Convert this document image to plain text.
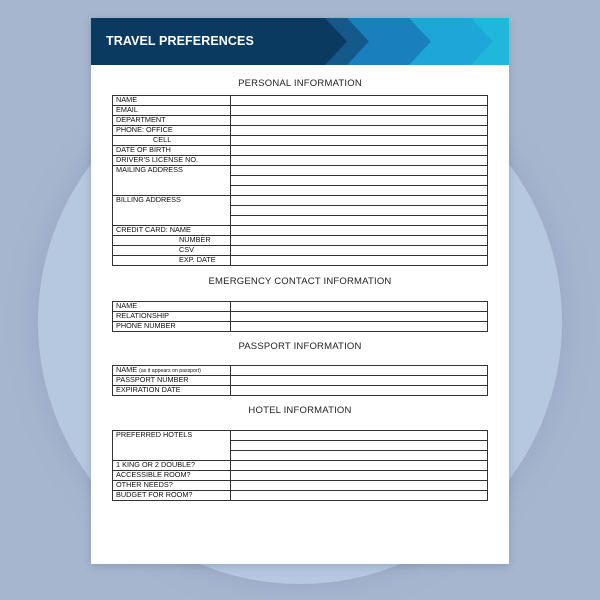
TRAVEL PREFERENCES
PERSONAL INFORMATION
NAME	
EMAIL	
DEPARTMENT	
PHONE: OFFICE	
CELL	
DATE OF BIRTH	
DRIVER'S LICENSE NO.	
MAILING ADDRESS	

BILLING ADDRESS	

CREDIT CARD: NAME	
NUMBER	
CSV	
EXP. DATE	
EMERGENCY CONTACT INFORMATION
NAME	
RELATIONSHIP	
PHONE NUMBER	
PASSPORT INFORMATION
NAME (as it appears on passport)	
PASSPORT NUMBER	
EXPIRATION DATE	
HOTEL INFORMATION
PREFERRED HOTELS	

1 KING OR 2 DOUBLE?	
ACCESSIBLE ROOM?	
OTHER NEEDS?	
BUDGET FOR ROOM?	
